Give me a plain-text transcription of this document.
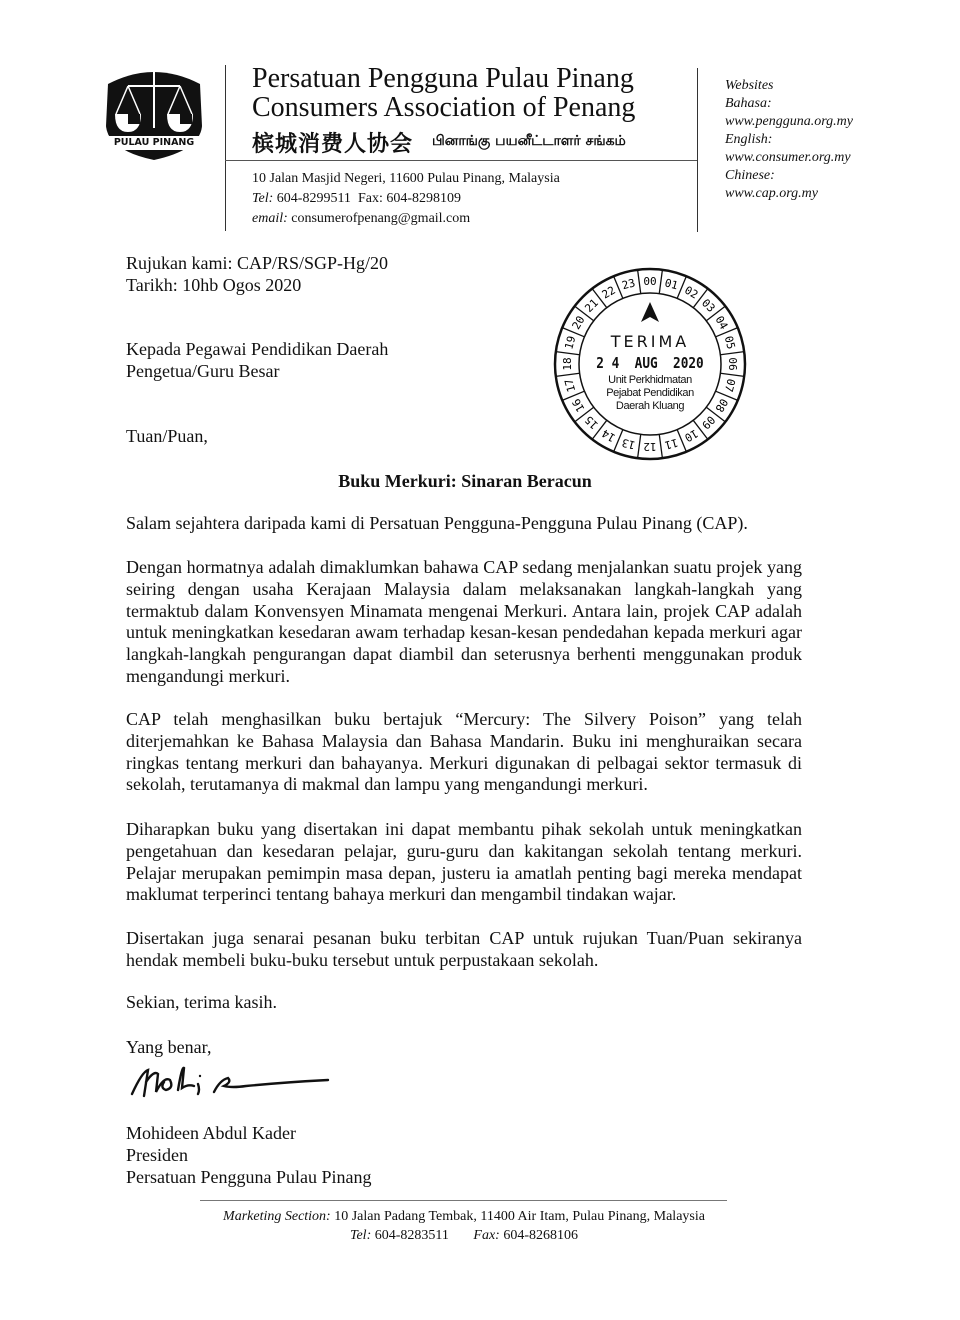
PULAU PINANG
Persatuan Pengguna Pulau Pinang
Consumers Association of Penang
槟城消费人协会 பினாங்கு பயனீட்டாளர் சங்கம்
10 Jalan Masjid Negeri, 11600 Pulau Pinang, Malaysia
Tel: 604-8299511 Fax: 604-8298109
email: consumerofpenang@gmail.com
Websites
Bahasa:
www.pengguna.org.my
English:
www.consumer.org.my
Chinese:
www.cap.org.my
Rujukan kami: CAP/RS/SGP-Hg/20
Tarikh: 10hb Ogos 2020
Kepada Pegawai Pendidikan Daerah
Pengetua/Guru Besar
Tuan/Puan,
00 01 02
03
04
05
06
07
08
09
10
11
12
13
14
15
16
17
18
19
20
21
22 23
TERIMA
2 4  AUG  2020
Unit Perkhidmatan
Pejabat Pendidikan
Daerah Kluang
Buku Merkuri: Sinaran Beracun

Salam sejahtera daripada kami di Persatuan Pengguna-Pengguna Pulau Pinang (CAP).

Dengan hormatnya adalah dimaklumkan bahawa CAP sedang menjalankan suatu projek yang seiring dengan usaha Kerajaan Malaysia dalam melaksanakan langkah-langkah yang termaktub dalam Konvensyen Minamata mengenai Merkuri. Antara lain, projek CAP adalah untuk meningkatkan kesedaran awam terhadap kesan-kesan pendedahan kepada merkuri agar langkah-langkah pengurangan dapat diambil dan seterusnya berhenti menggunakan produk mengandungi merkuri.

CAP telah menghasilkan buku bertajuk “Mercury: The Silvery Poison” yang telah diterjemahkan ke Bahasa Malaysia dan Bahasa Mandarin. Buku ini menghuraikan secara ringkas tentang merkuri dan bahayanya. Merkuri digunakan di pelbagai sektor termasuk di sekolah, terutamanya di makmal dan lampu yang mengandungi merkuri.

Diharapkan buku yang disertakan ini dapat membantu pihak sekolah untuk meningkatkan pengetahuan dan kesedaran pelajar, guru-guru dan kakitangan sekolah tentang merkuri. Pelajar merupakan pemimpin masa depan, justeru ia amatlah penting bagi mereka mendapat maklumat terperinci tentang bahaya merkuri dan mengambil tindakan wajar.

Disertakan juga senarai pesanan buku terbitan CAP untuk rujukan Tuan/Puan sekiranya hendak membeli buku-buku tersebut untuk perpustakaan sekolah.

Sekian, terima kasih.
Yang benar,
Mohideen Abdul Kader
Presiden
Persatuan Pengguna Pulau Pinang
Marketing Section: 10 Jalan Padang Tembak, 11400 Air Itam, Pulau Pinang, Malaysia
Tel: 604-8283511 Fax: 604-8268106
